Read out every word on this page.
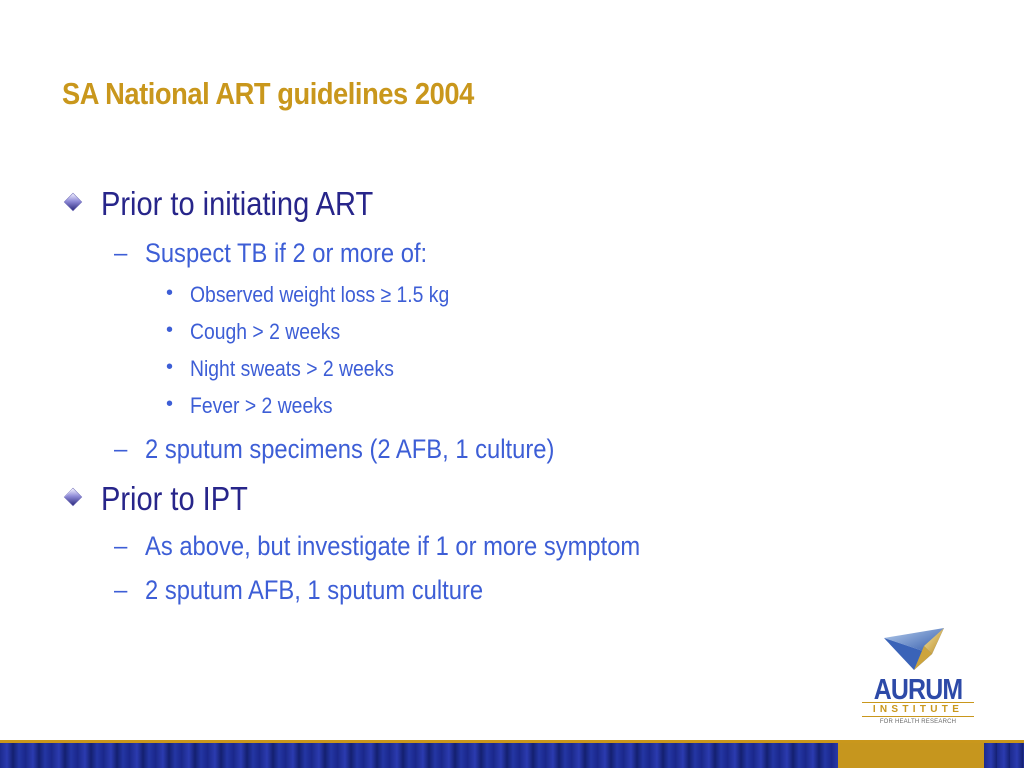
SA National ART guidelines 2004
Prior to initiating ART
– Suspect TB if 2 or more of:
• Observed weight loss ≥ 1.5 kg
• Cough > 2 weeks
• Night sweats > 2 weeks
• Fever > 2 weeks
– 2 sputum specimens (2 AFB, 1 culture)
Prior to IPT
– As above, but investigate if 1 or more symptom
– 2 sputum AFB, 1 sputum culture
AURUM
INSTITUTE
FOR HEALTH RESEARCH
